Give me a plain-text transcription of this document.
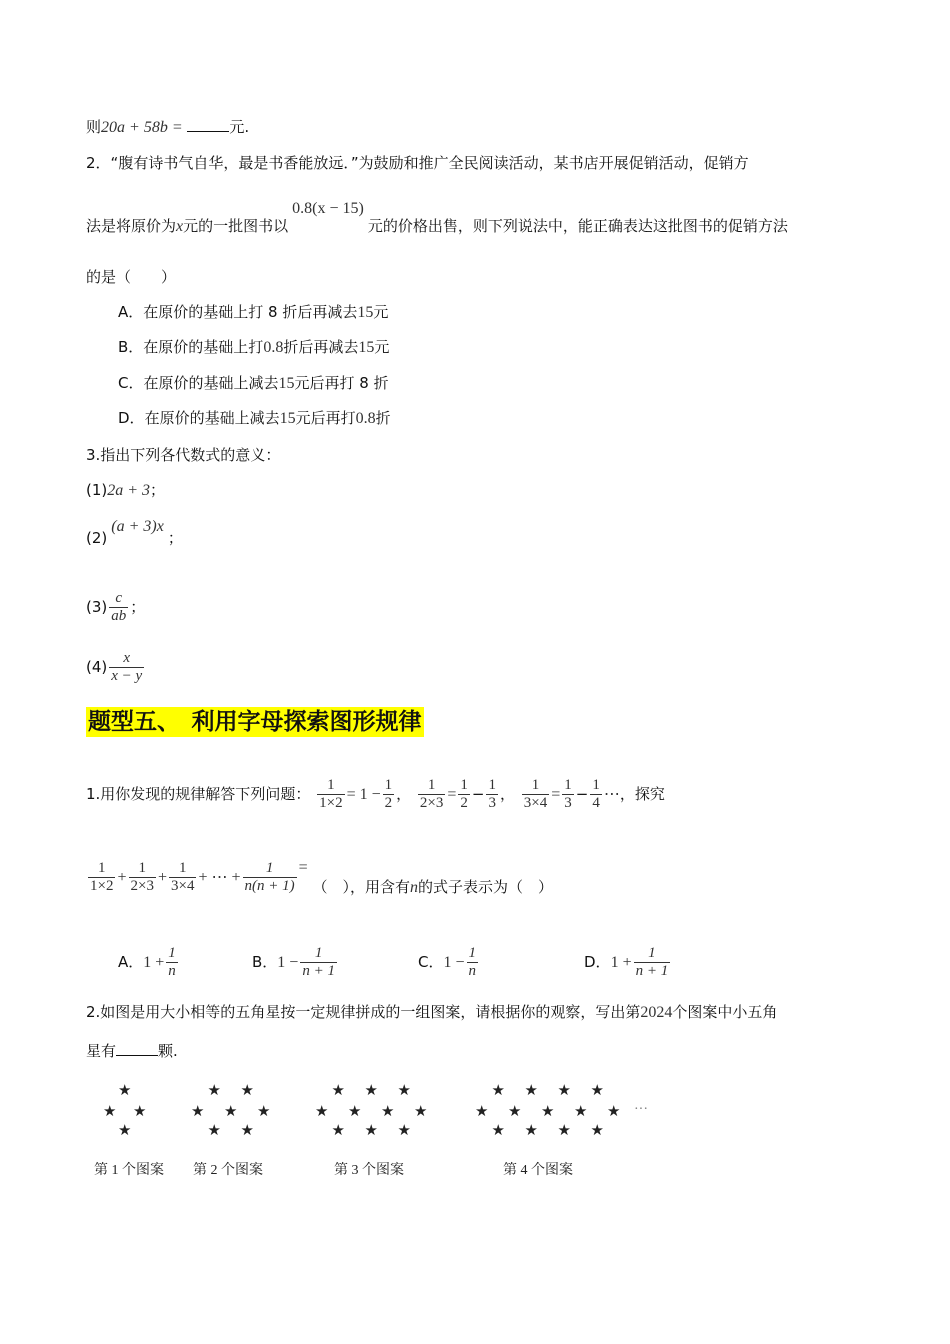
则20a + 58b =	元.
2．“腹有诗书气自华，最是书香能放远．”为鼓励和推广全民阅读活动，某书店开展促销活动，促销方
法是将原价为x元的一批图书以0.8(x − 15)元的价格出售，则下列说法中，能正确表达这批图书的促销方法
的是（　　）
A．在原价的基础上打 8 折后再减去15元
B．在原价的基础上打0.8折后再减去15元
C．在原价的基础上减去15元后再打 8 折
D．在原价的基础上减去15元后再打0.8折
3.指出下列各代数式的意义：
(1)2a + 3；
(2)(a + 3)x；
$(3) \frac{c}{ab}$ ；
$(4) \frac{x}{x - y}$
题型五、　利用字母探索图形规律
1.用你发现的规律解答下列问题： $\frac{1}{1\times 2} = 1 - \frac{1}{2}$ ， $\frac{1}{2\times 3} = \frac{1}{2} - \frac{1}{3}$ ， $\frac{1}{3\times 4} = \frac{1}{3} - \frac{1}{4}$ ⋯，探究
$\frac{1}{1\times 2} + \frac{1}{2\times 3} + \frac{1}{3\times 4}$ + ⋯ + $\frac{1}{n(n + 1)}$ = （　），用含有n的式子表示为（　）
A．$1 + \frac{1}{n}$	B．$1 - \frac{1}{n + 1}$	C．$1 - \frac{1}{n}$	D．$1 + \frac{1}{n + 1}$
2.如图是用大小相等的五角星按一定规律拼成的一组图案，请根据你的观察，写出第2024个图案中小五角
星有	颗.
★
★ ★
★
★ ★
★ ★ ★
★ ★
★ ★ ★
★ ★ ★ ★
★ ★ ★
★ ★ ★ ★
★ ★ ★ ★ ★
★ ★ ★ ★
第 1 个图案 第 2 个图案	第 3 个图案	第 4 个图案
···
